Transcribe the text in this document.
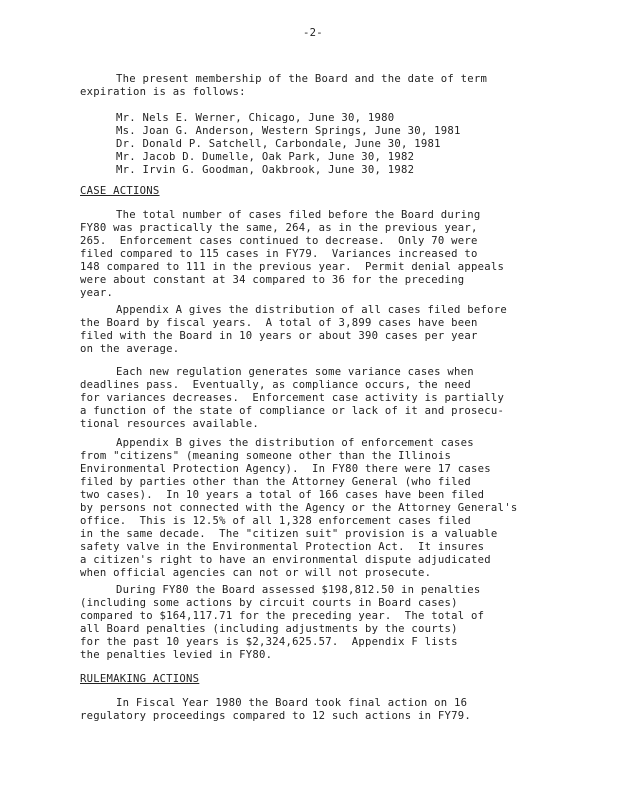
-2-
The present membership of the Board and the date of term
expiration is as follows:
Mr. Nels E. Werner, Chicago, June 30, 1980
Ms. Joan G. Anderson, Western Springs, June 30, 1981
Dr. Donald P. Satchell, Carbondale, June 30, 1981
Mr. Jacob D. Dumelle, Oak Park, June 30, 1982
Mr. Irvin G. Goodman, Oakbrook, June 30, 1982
CASE ACTIONS
The total number of cases filed before the Board during
FY80 was practically the same, 264, as in the previous year,
265.  Enforcement cases continued to decrease.  Only 70 were
filed compared to 115 cases in FY79.  Variances increased to
148 compared to 111 in the previous year.  Permit denial appeals
were about constant at 34 compared to 36 for the preceding
year.
Appendix A gives the distribution of all cases filed before
the Board by fiscal years.  A total of 3,899 cases have been
filed with the Board in 10 years or about 390 cases per year
on the average.
Each new regulation generates some variance cases when
deadlines pass.  Eventually, as compliance occurs, the need
for variances decreases.  Enforcement case activity is partially
a function of the state of compliance or lack of it and prosecu-
tional resources available.
Appendix B gives the distribution of enforcement cases
from "citizens" (meaning someone other than the Illinois
Environmental Protection Agency).  In FY80 there were 17 cases
filed by parties other than the Attorney General (who filed
two cases).  In 10 years a total of 166 cases have been filed
by persons not connected with the Agency or the Attorney General's
office.  This is 12.5% of all 1,328 enforcement cases filed
in the same decade.  The "citizen suit" provision is a valuable
safety valve in the Environmental Protection Act.  It insures
a citizen's right to have an environmental dispute adjudicated
when official agencies can not or will not prosecute.
During FY80 the Board assessed $198,812.50 in penalties
(including some actions by circuit courts in Board cases)
compared to $164,117.71 for the preceding year.  The total of
all Board penalties (including adjustments by the courts)
for the past 10 years is $2,324,625.57.  Appendix F lists
the penalties levied in FY80.
RULEMAKING ACTIONS
In Fiscal Year 1980 the Board took final action on 16
regulatory proceedings compared to 12 such actions in FY79.
